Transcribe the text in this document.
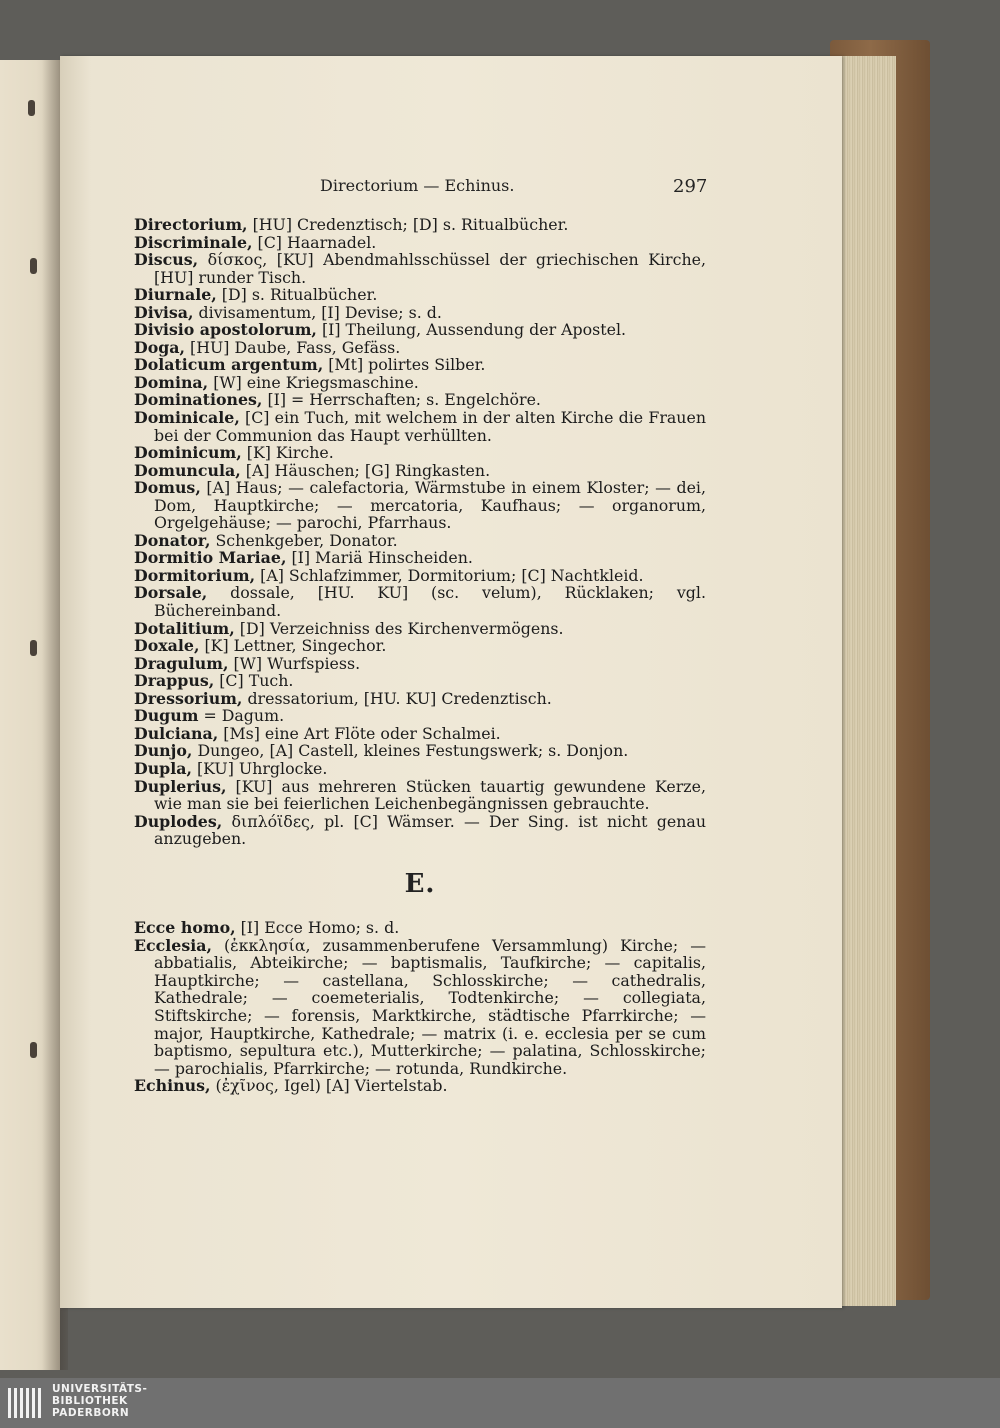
Directorium — Echinus.	297

Directorium, [HU] Credenztisch; [D] s. Ritualbücher.

Discriminale, [C] Haarnadel.

Discus, δίσκος, [KU] Abendmahlsschüssel der griechischen Kirche, [HU] runder Tisch.

Diurnale, [D] s. Ritualbücher.

Divisa, divisamentum, [I] Devise; s. d.

Divisio apostolorum, [I] Theilung, Aussendung der Apostel.

Doga, [HU] Daube, Fass, Gefäss.

Dolaticum argentum, [Mt] polirtes Silber.

Domina, [W] eine Kriegsmaschine.

Dominationes, [I] = Herrschaften; s. Engelchöre.

Dominicale, [C] ein Tuch, mit welchem in der alten Kirche die Frauen bei der Communion das Haupt verhüllten.

Dominicum, [K] Kirche.

Domuncula, [A] Häuschen; [G] Ringkasten.

Domus, [A] Haus; — calefactoria, Wärmstube in einem Kloster; — dei, Dom, Hauptkirche; — mercatoria, Kaufhaus; — organorum, Orgelgehäuse; — parochi, Pfarrhaus.

Donator, Schenkgeber, Donator.

Dormitio Mariae, [I] Mariä Hinscheiden.

Dormitorium, [A] Schlafzimmer, Dormitorium; [C] Nachtkleid.

Dorsale, dossale, [HU. KU] (sc. velum), Rücklaken; vgl. Büchereinband.

Dotalitium, [D] Verzeichniss des Kirchenvermögens.

Doxale, [K] Lettner, Singechor.

Dragulum, [W] Wurfspiess.

Drappus, [C] Tuch.

Dressorium, dressatorium, [HU. KU] Credenztisch.

Dugum = Dagum.

Dulciana, [Ms] eine Art Flöte oder Schalmei.

Dunjo, Dungeo, [A] Castell, kleines Festungswerk; s. Donjon.

Dupla, [KU] Uhrglocke.

Duplerius, [KU] aus mehreren Stücken tauartig gewundene Kerze, wie man sie bei feierlichen Leichenbegängnissen gebrauchte.

Duplodes, διπλόϊδες, pl. [C] Wämser. — Der Sing. ist nicht genau anzugeben.

E.

Ecce homo, [I] Ecce Homo; s. d.

Ecclesia, (ἐκκλησία, zusammenberufene Versammlung) Kirche; — abbatialis, Abteikirche; — baptismalis, Taufkirche; — capitalis, Hauptkirche; — castellana, Schlosskirche; — cathedralis, Kathedrale; — coemeterialis, Todtenkirche; — collegiata, Stiftskirche; — forensis, Marktkirche, städtische Pfarrkirche; — major, Hauptkirche, Kathedrale; — matrix (i. e. ecclesia per se cum baptismo, sepultura etc.), Mutterkirche; — palatina, Schlosskirche; — parochialis, Pfarrkirche; — rotunda, Rundkirche.

Echinus, (ἐχῖνος, Igel) [A] Viertelstab.

UNIVERSITÄTS-
BIBLIOTHEK
PADERBORN
